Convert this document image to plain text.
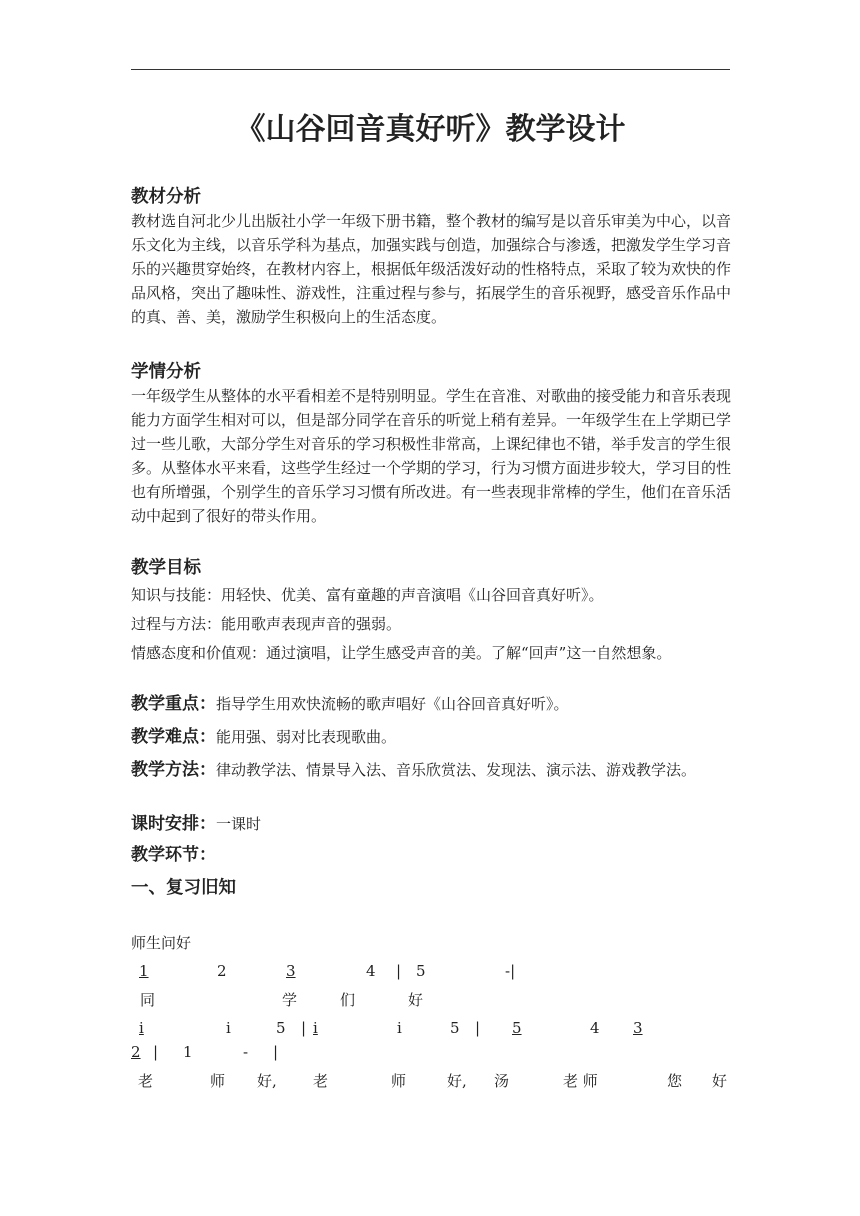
《山谷回音真好听》教学设计
教材分析
教材选自河北少儿出版社小学一年级下册书籍，整个教材的编写是以音乐审美为中心，以音乐文化为主线，以音乐学科为基点，加强实践与创造，加强综合与渗透，把激发学生学习音乐的兴趣贯穿始终，在教材内容上，根据低年级活泼好动的性格特点，采取了较为欢快的作品风格，突出了趣味性、游戏性，注重过程与参与，拓展学生的音乐视野，感受音乐作品中的真、善、美，激励学生积极向上的生活态度。
学情分析
一年级学生从整体的水平看相差不是特别明显。学生在音准、对歌曲的接受能力和音乐表现能力方面学生相对可以，但是部分同学在音乐的听觉上稍有差异。一年级学生在上学期已学过一些儿歌，大部分学生对音乐的学习积极性非常高，上课纪律也不错，举手发言的学生很多。从整体水平来看，这些学生经过一个学期的学习，行为习惯方面进步较大，学习目的性也有所增强，个别学生的音乐学习习惯有所改进。有一些表现非常棒的学生，他们在音乐活动中起到了很好的带头作用。
教学目标
知识与技能：用轻快、优美、富有童趣的声音演唱《山谷回音真好听》。
过程与方法：能用歌声表现声音的强弱。
情感态度和价值观：通过演唱，让学生感受声音的美。了解“回声”这一自然想象。
教学重点：指导学生用欢快流畅的歌声唱好《山谷回音真好听》。
教学难点：能用强、弱对比表现歌曲。
教学方法：律动教学法、情景导入法、音乐欣赏法、发现法、演示法、游戏教学法。
课时安排：一课时
教学环节：
一、复习旧知
师生问好
1	2	3	4 | 5	-|
同	学	们	好
i	i	5 | i	i	5 | 5	4 3
2 | 1	- |
老	师 好, 老	师	好, 汤	老 师	您 好
